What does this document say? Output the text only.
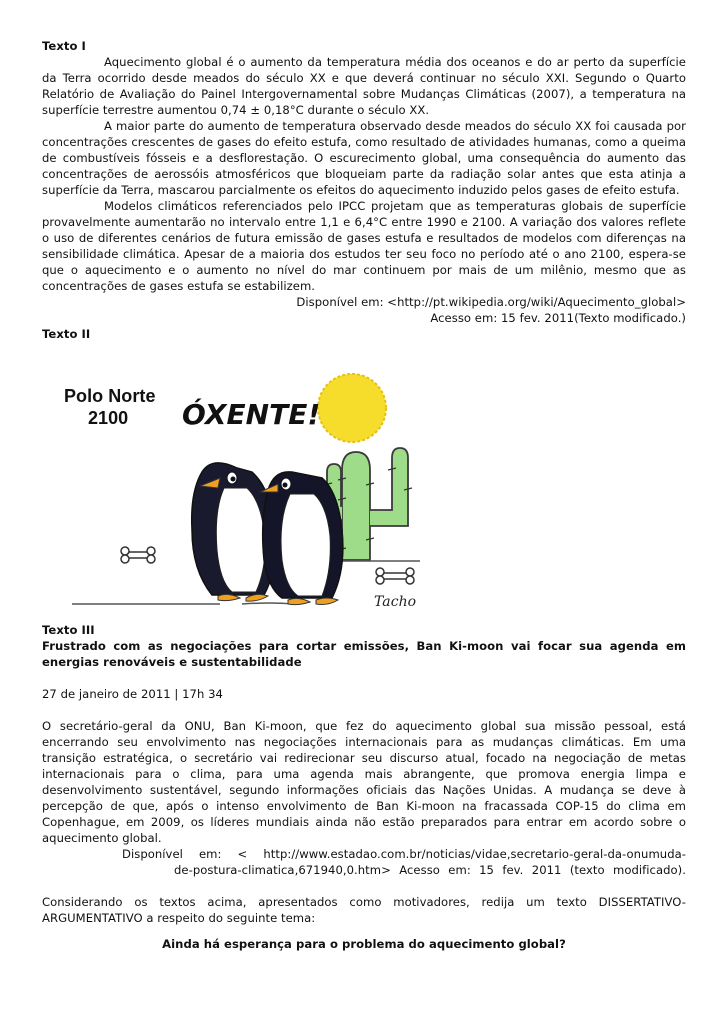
Texto I

Aquecimento global é o aumento da temperatura média dos oceanos e do ar perto da superfície da Terra ocorrido desde meados do século XX e que deverá continuar no século XXI. Segundo o Quarto Relatório de Avaliação do Painel Intergovernamental sobre Mudanças Climáticas (2007), a temperatura na superfície terrestre aumentou 0,74 ± 0,18°C durante o século XX.

A maior parte do aumento de temperatura observado desde meados do século XX foi causada por concentrações crescentes de gases do efeito estufa, como resultado de atividades humanas, como a queima de combustíveis fósseis e a desflorestação. O escurecimento global, uma consequência do aumento das concentrações de aerossóis atmosféricos que bloqueiam parte da radiação solar antes que esta atinja a superfície da Terra, mascarou parcialmente os efeitos do aquecimento induzido pelos gases de efeito estufa.

Modelos climáticos referenciados pelo IPCC projetam que as temperaturas globais de superfície provavelmente aumentarão no intervalo entre 1,1 e 6,4°C entre 1990 e 2100. A variação dos valores reflete o uso de diferentes cenários de futura emissão de gases estufa e resultados de modelos com diferenças na sensibilidade climática. Apesar de a maioria dos estudos ter seu foco no período até o ano 2100, espera-se que o aquecimento e o aumento no nível do mar continuem por mais de um milênio, mesmo que as concentrações de gases estufa se estabilizem.

Disponível em: <http://pt.wikipedia.org/wiki/Aquecimento_global>

Acesso em: 15 fev. 2011(Texto modificado.)

Texto II

Polo Norte
2100 ÓXENTE!
Tacho

Texto III

Frustrado com as negociações para cortar emissões, Ban Ki-moon vai focar sua agenda em energias renováveis e sustentabilidade

27 de janeiro de 2011 | 17h 34

O secretário-geral da ONU, Ban Ki-moon, que fez do aquecimento global sua missão pessoal, está encerrando seu envolvimento nas negociações internacionais para as mudanças climáticas. Em uma transição estratégica, o secretário vai redirecionar seu discurso atual, focado na negociação de metas internacionais para o clima, para uma agenda mais abrangente, que promova energia limpa e desenvolvimento sustentável, segundo informações oficiais das Nações Unidas. A mudança se deve à percepção de que, após o intenso envolvimento de Ban Ki-moon na fracassada COP-15 do clima em Copenhague, em 2009, os líderes mundiais ainda não estão preparados para entrar em acordo sobre o aquecimento global.

Disponível em: < http://www.estadao.com.br/noticias/vidae,secretario-geral-da-onumuda-

de-postura-climatica,671940,0.htm> Acesso em: 15 fev. 2011 (texto modificado).

Considerando os textos acima, apresentados como motivadores, redija um texto DISSERTATIVO-ARGUMENTATIVO a respeito do seguinte tema:

Ainda há esperança para o problema do aquecimento global?
